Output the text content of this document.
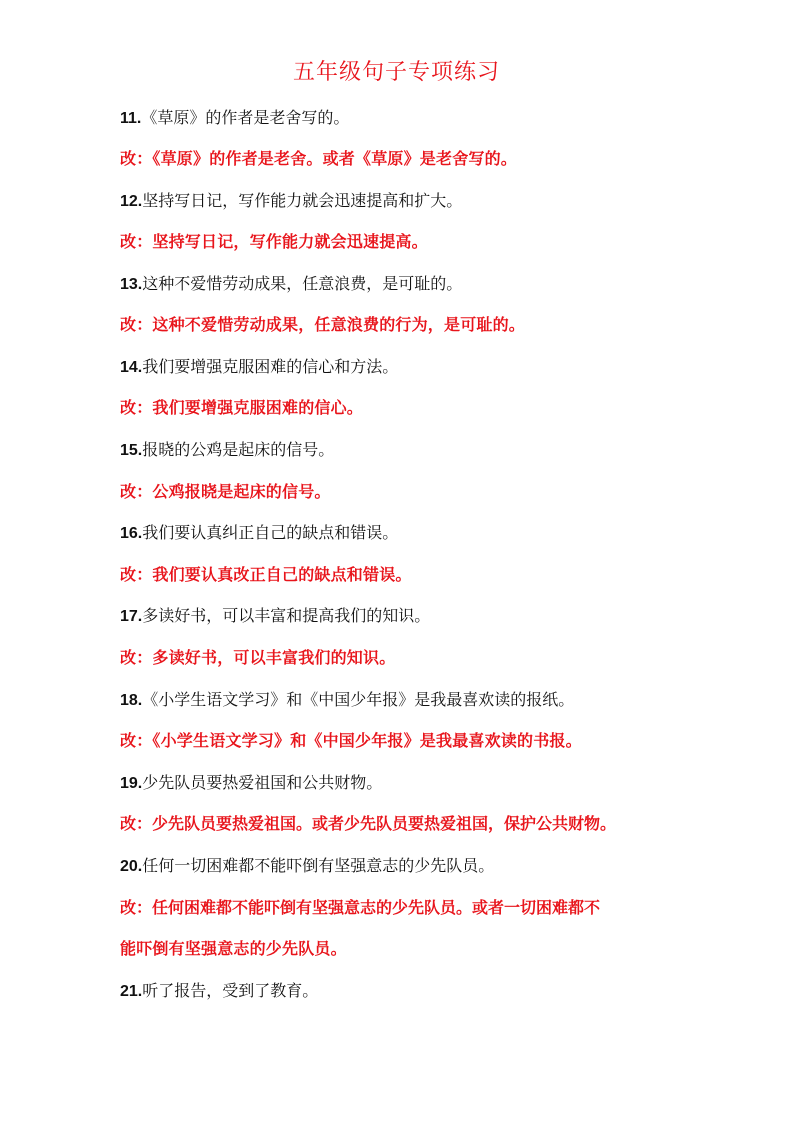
五年级句子专项练习
11.《草原》的作者是老舍写的。
改：《草原》的作者是老舍。或者《草原》是老舍写的。
12.坚持写日记，写作能力就会迅速提高和扩大。
改：坚持写日记，写作能力就会迅速提高。
13.这种不爱惜劳动成果，任意浪费，是可耻的。
改：这种不爱惜劳动成果，任意浪费的行为，是可耻的。
14.我们要增强克服困难的信心和方法。
改：我们要增强克服困难的信心。
15.报晓的公鸡是起床的信号。
改：公鸡报晓是起床的信号。
16.我们要认真纠正自己的缺点和错误。
改：我们要认真改正自己的缺点和错误。
17.多读好书，可以丰富和提高我们的知识。
改：多读好书，可以丰富我们的知识。
18.《小学生语文学习》和《中国少年报》是我最喜欢读的报纸。
改：《小学生语文学习》和《中国少年报》是我最喜欢读的书报。
19.少先队员要热爱祖国和公共财物。
改：少先队员要热爱祖国。或者少先队员要热爱祖国，保护公共财物。
20.任何一切困难都不能吓倒有坚强意志的少先队员。
改：任何困难都不能吓倒有坚强意志的少先队员。或者一切困难都不
能吓倒有坚强意志的少先队员。
21.听了报告，受到了教育。
